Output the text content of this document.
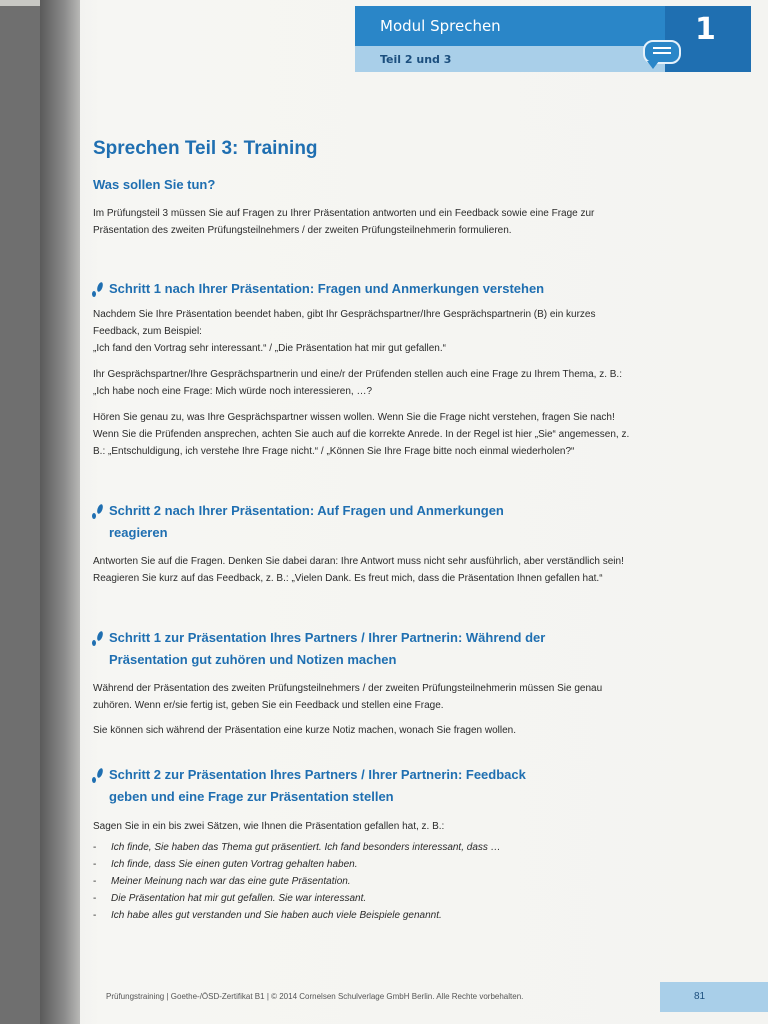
Modul Sprechen
Teil 2 und 3
1
Sprechen Teil 3: Training
Was sollen Sie tun?

Im Prüfungsteil 3 müssen Sie auf Fragen zu Ihrer Präsentation antworten und ein Feedback sowie eine Frage zur Präsentation des zweiten Prüfungsteilnehmers / der zweiten Prüfungsteilnehmerin formulieren.

Schritt 1 nach Ihrer Präsentation: Fragen und Anmerkungen verstehen

Nachdem Sie Ihre Präsentation beendet haben, gibt Ihr Gesprächspartner/Ihre Gesprächspartnerin (B) ein kurzes Feedback, zum Beispiel:

„Ich fand den Vortrag sehr interessant.“ / „Die Präsentation hat mir gut gefallen.“

Ihr Gesprächspartner/Ihre Gesprächspartnerin und eine/r der Prüfenden stellen auch eine Frage zu Ihrem Thema, z. B.: „Ich habe noch eine Frage: Mich würde noch interessieren, …?

Hören Sie genau zu, was Ihre Gesprächspartner wissen wollen. Wenn Sie die Frage nicht verstehen, fragen Sie nach! Wenn Sie die Prüfenden ansprechen, achten Sie auch auf die korrekte Anrede. In der Regel ist hier „Sie“ angemessen, z. B.: „Entschuldigung, ich verstehe Ihre Frage nicht.“ / „Können Sie Ihre Frage bitte noch einmal wiederholen?“

Schritt 2 nach Ihrer Präsentation: Auf Fragen und Anmerkungen
reagieren

Antworten Sie auf die Fragen. Denken Sie dabei daran: Ihre Antwort muss nicht sehr ausführlich, aber verständlich sein! Reagieren Sie kurz auf das Feedback, z. B.: „Vielen Dank. Es freut mich, dass die Präsentation Ihnen gefallen hat.“

Schritt 1 zur Präsentation Ihres Partners / Ihrer Partnerin: Während der
Präsentation gut zuhören und Notizen machen

Während der Präsentation des zweiten Prüfungsteilnehmers / der zweiten Prüfungsteilnehmerin müssen Sie genau zuhören. Wenn er/sie fertig ist, geben Sie ein Feedback und stellen eine Frage.

Sie können sich während der Präsentation eine kurze Notiz machen, wonach Sie fragen wollen.

Schritt 2 zur Präsentation Ihres Partners / Ihrer Partnerin: Feedback
geben und eine Frage zur Präsentation stellen

Sagen Sie in ein bis zwei Sätzen, wie Ihnen die Präsentation gefallen hat, z. B.:

- Ich finde, Sie haben das Thema gut präsentiert. Ich fand besonders interessant, dass …
- Ich finde, dass Sie einen guten Vortrag gehalten haben.
- Meiner Meinung nach war das eine gute Präsentation.
- Die Präsentation hat mir gut gefallen. Sie war interessant.
- Ich habe alles gut verstanden und Sie haben auch viele Beispiele genannt.
Prüfungstraining | Goethe-/ÖSD-Zertifikat B1 | © 2014 Cornelsen Schulverlage GmbH Berlin. Alle Rechte vorbehalten.	81
